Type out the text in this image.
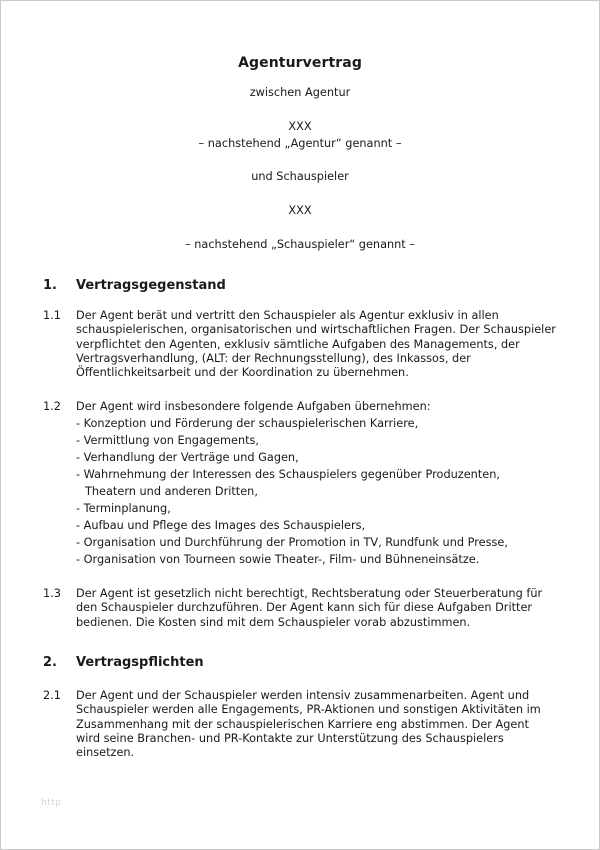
Agenturvertrag
zwischen Agentur
XXX
– nachstehend „Agentur“ genannt –
und Schauspieler
XXX
– nachstehend „Schauspieler“ genannt –
1. Vertragsgegenstand
1.1 Der Agent berät und vertritt den Schauspieler als Agentur exklusiv in allen
schauspielerischen, organisatorischen und wirtschaftlichen Fragen. Der Schauspieler
verpflichtet den Agenten, exklusiv sämtliche Aufgaben des Managements, der
Vertragsverhandlung, (ALT: der Rechnungsstellung), des Inkassos, der
Öffentlichkeitsarbeit und der Koordination zu übernehmen.
1.2 Der Agent wird insbesondere folgende Aufgaben übernehmen:
- Konzeption und Förderung der schauspielerischen Karriere,
- Vermittlung von Engagements,
- Verhandlung der Verträge und Gagen,
- Wahrnehmung der Interessen des Schauspielers gegenüber Produzenten,
Theatern und anderen Dritten,
- Terminplanung,
- Aufbau und Pflege des Images des Schauspielers,
- Organisation und Durchführung der Promotion in TV, Rundfunk und Presse,
- Organisation von Tourneen sowie Theater-, Film- und Bühneneinsätze.
1.3 Der Agent ist gesetzlich nicht berechtigt, Rechtsberatung oder Steuerberatung für
den Schauspieler durchzuführen. Der Agent kann sich für diese Aufgaben Dritter
bedienen. Die Kosten sind mit dem Schauspieler vorab abzustimmen.
2. Vertragspflichten
2.1 Der Agent und der Schauspieler werden intensiv zusammenarbeiten. Agent und
Schauspieler werden alle Engagements, PR-Aktionen und sonstigen Aktivitäten im
Zusammenhang mit der schauspielerischen Karriere eng abstimmen. Der Agent
wird seine Branchen- und PR-Kontakte zur Unterstützung des Schauspielers
einsetzen.
http
